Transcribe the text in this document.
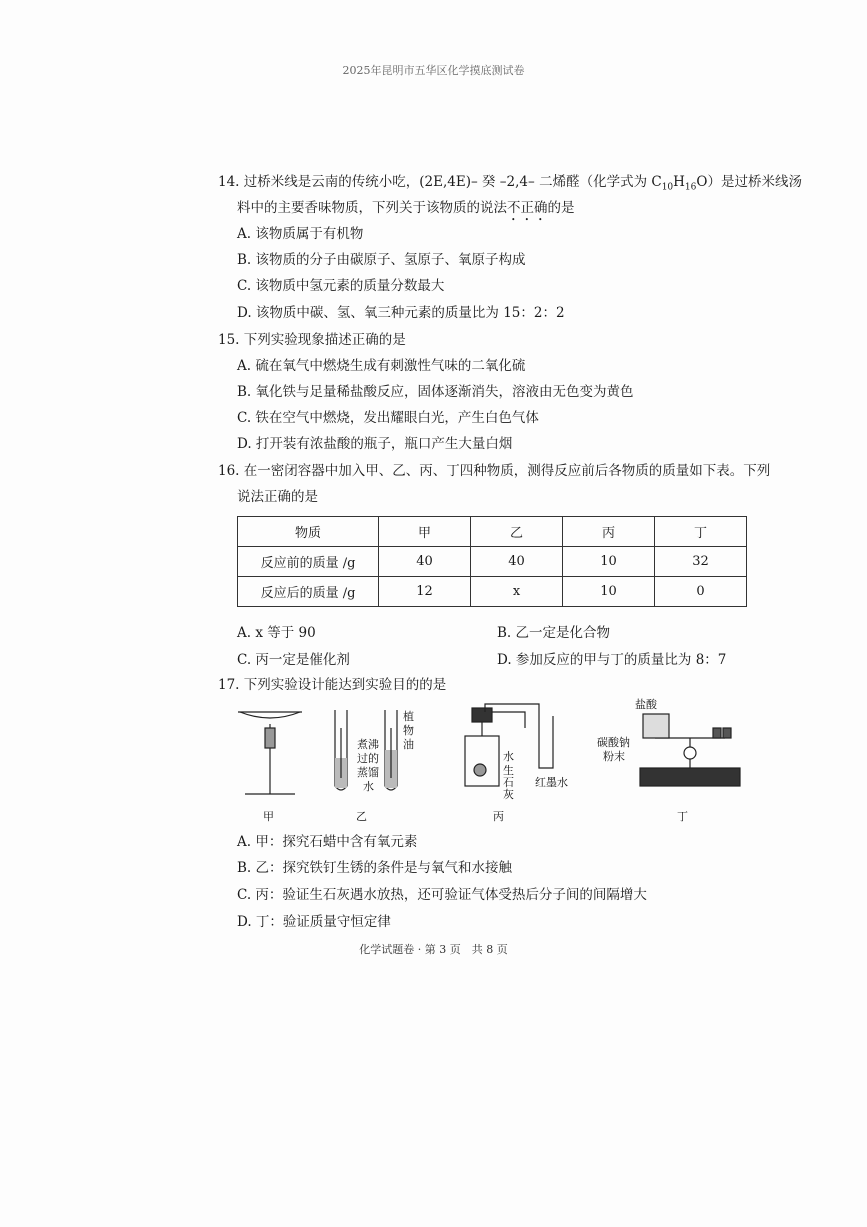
2025年昆明市五华区化学摸底测试卷
14. 过桥米线是云南的传统小吃，(2E,4E)– 癸 –2,4– 二烯醛（化学式为 $C_{10}H_{16}O$）是过桥米线汤
料中的主要香味物质，下列关于该物质的说法不正确的是
A. 该物质属于有机物
B. 该物质的分子由碳原子、氢原子、氧原子构成
C. 该物质中氢元素的质量分数最大
D. 该物质中碳、氢、氧三种元素的质量比为 15：2：2
15. 下列实验现象描述正确的是
A. 硫在氧气中燃烧生成有刺激性气味的二氧化硫
B. 氧化铁与足量稀盐酸反应，固体逐渐消失，溶液由无色变为黄色
C. 铁在空气中燃烧，发出耀眼白光，产生白色气体
D. 打开装有浓盐酸的瓶子，瓶口产生大量白烟
16. 在一密闭容器中加入甲、乙、丙、丁四种物质，测得反应前后各物质的质量如下表。下列
说法正确的是
物质	甲	乙	丙	丁
反应前的质量 /g	40	40	10	32
反应后的质量 /g	12	x	10	0
A. x 等于 90	B. 乙一定是化合物
C. 丙一定是催化剂	D. 参加反应的甲与丁的质量比为 8：7
17. 下列实验设计能达到实验目的的是
甲	乙	丙	丁
煮沸
过的
蒸馏
水
植
物
油
水
生
石
灰
红墨水
盐酸
碳酸钠
粉末
A. 甲：探究石蜡中含有氧元素
B. 乙：探究铁钉生锈的条件是与氧气和水接触
C. 丙：验证生石灰遇水放热，还可验证气体受热后分子间的间隔增大
D. 丁：验证质量守恒定律
化学试题卷 · 第 3 页　共 8 页
